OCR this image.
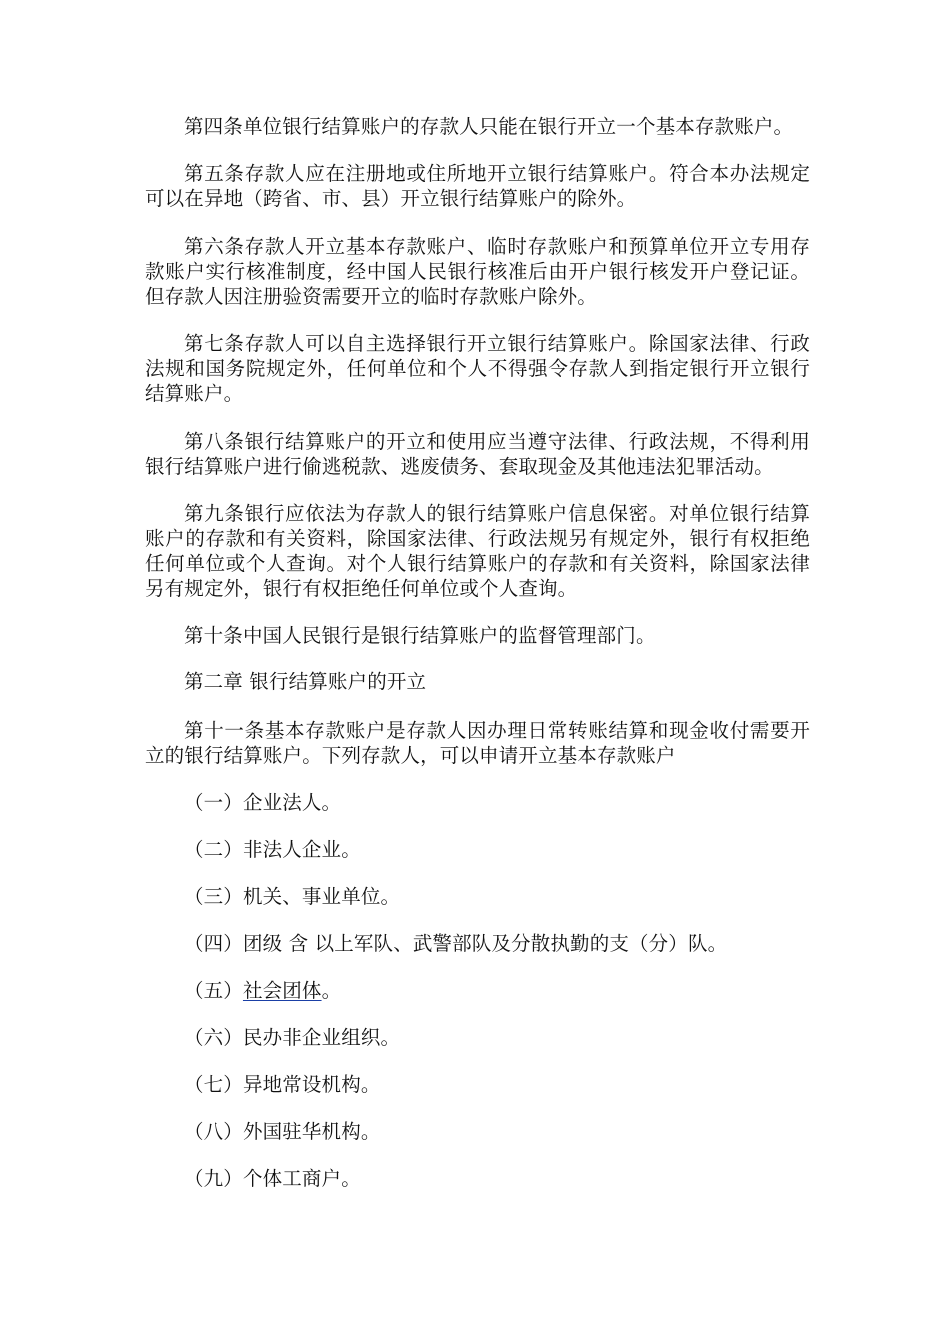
第四条单位银行结算账户的存款人只能在银行开立一个基本存款账户。

第五条存款人应在注册地或住所地开立银行结算账户。符合本办法规定可以在异地（跨省、市、县）开立银行结算账户的除外。

第六条存款人开立基本存款账户、临时存款账户和预算单位开立专用存款账户实行核准制度，经中国人民银行核准后由开户银行核发开户登记证。但存款人因注册验资需要开立的临时存款账户除外。

第七条存款人可以自主选择银行开立银行结算账户。除国家法律、行政法规和国务院规定外，任何单位和个人不得强令存款人到指定银行开立银行结算账户。

第八条银行结算账户的开立和使用应当遵守法律、行政法规，不得利用银行结算账户进行偷逃税款、逃废债务、套取现金及其他违法犯罪活动。

第九条银行应依法为存款人的银行结算账户信息保密。对单位银行结算账户的存款和有关资料，除国家法律、行政法规另有规定外，银行有权拒绝任何单位或个人查询。对个人银行结算账户的存款和有关资料，除国家法律另有规定外，银行有权拒绝任何单位或个人查询。

第十条中国人民银行是银行结算账户的监督管理部门。

第二章 银行结算账户的开立

第十一条基本存款账户是存款人因办理日常转账结算和现金收付需要开立的银行结算账户。下列存款人，可以申请开立基本存款账户

（一）企业法人。

（二）非法人企业。

（三）机关、事业单位。

（四）团级 含 以上军队、武警部队及分散执勤的支（分）队。

（五）社会团体。

（六）民办非企业组织。

（七）异地常设机构。

（八）外国驻华机构。

（九）个体工商户。
